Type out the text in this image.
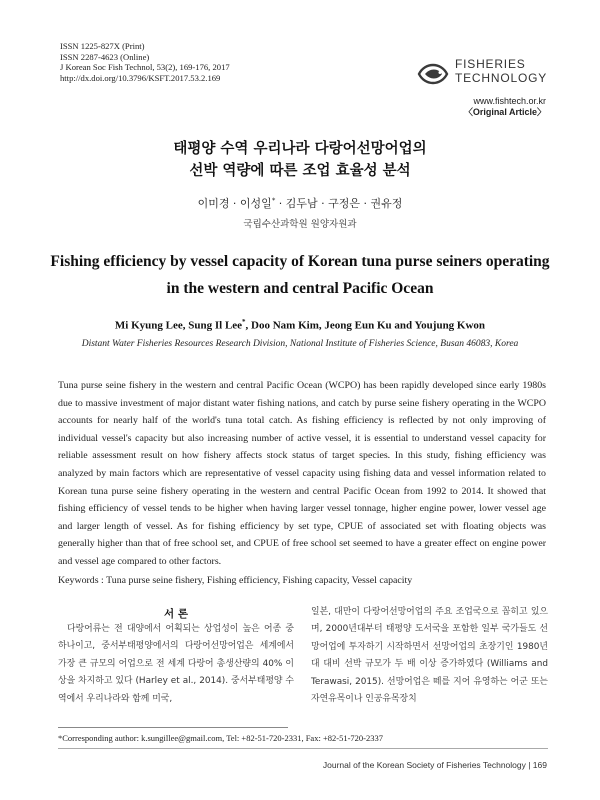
ISSN 1225-827X (Print)
ISSN 2287-4623 (Online)
J Korean Soc Fish Technol, 53(2), 169-176, 2017
http://dx.doi.org/10.3796/KSFT.2017.53.2.169
FISHERIES
TECHNOLOGY
www.fishtech.or.kr
〈Original Article〉
태평양 수역 우리나라 다랑어선망어업의
선박 역량에 따른 조업 효율성 분석
이미경 · 이성일* · 김두남 · 구정은 · 권유정
국립수산과학원 원양자원과
Fishing efficiency by vessel capacity of Korean tuna purse seiners operating
in the western and central Pacific Ocean
Mi Kyung Lee, Sung Il Lee*, Doo Nam Kim, Jeong Eun Ku and Youjung Kwon
Distant Water Fisheries Resources Research Division, National Institute of Fisheries Science, Busan 46083, Korea
Tuna purse seine fishery in the western and central Pacific Ocean (WCPO) has been rapidly developed since early 1980s due to massive investment of major distant water fishing nations, and catch by purse seine fishery operating in the WCPO accounts for nearly half of the world's tuna total catch. As fishing efficiency is reflected by not only improving of individual vessel's capacity but also increasing number of active vessel, it is essential to understand vessel capacity for reliable assessment result on how fishery affects stock status of target species. In this study, fishing efficiency was analyzed by main factors which are representative of vessel capacity using fishing data and vessel information related to Korean tuna purse seine fishery operating in the western and central Pacific Ocean from 1992 to 2014. It showed that fishing efficiency of vessel tends to be higher when having larger vessel tonnage, higher engine power, lower vessel age and larger length of vessel. As for fishing efficiency by set type, CPUE of associated set with floating objects was generally higher than that of free school set, and CPUE of free school set seemed to have a greater effect on engine power and vessel age compared to other factors.
Keywords : Tuna purse seine fishery, Fishing efficiency, Fishing capacity, Vessel capacity
서 론
다랑어류는 전 대양에서 어획되는 상업성이 높은 어종 중 하나이고, 중서부태평양에서의 다랑어선망어업은 세계에서 가장 큰 규모의 어업으로 전 세계 다랑어 총생산량의 40% 이상을 차지하고 있다 (Harley et al., 2014). 중서부태평양 수역에서 우리나라와 함께 미국,
일본, 대만이 다랑어선망어업의 주요 조업국으로 꼽히고 있으며, 2000년대부터 태평양 도서국을 포함한 일부 국가들도 선망어업에 투자하기 시작하면서 선망어업의 초장기인 1980년대 대비 선박 규모가 두 배 이상 증가하였다 (Williams and Terawasi, 2015). 선망어업은 떼를 지어 유영하는 어군 또는 자연유목이나 인공유목장치
*Corresponding author: k.sungillee@gmail.com, Tel: +82-51-720-2331, Fax: +82-51-720-2337
Journal of the Korean Society of Fisheries Technology | 169
